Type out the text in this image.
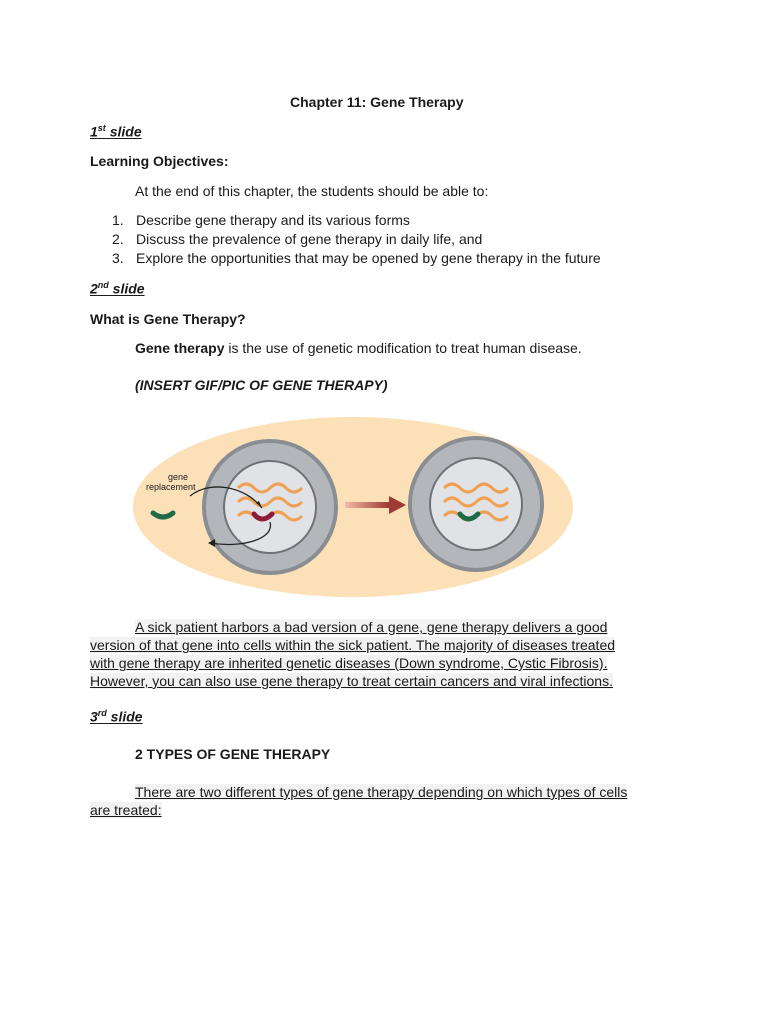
Chapter 11: Gene Therapy
1st slide
Learning Objectives:
At the end of this chapter, the students should be able to:
1. Describe gene therapy and its various forms
2. Discuss the prevalence of gene therapy in daily life, and
3. Explore the opportunities that may be opened by gene therapy in the future
2nd slide
What is Gene Therapy?
Gene therapy is the use of genetic modification to treat human disease.
(INSERT GIF/PIC OF GENE THERAPY)
gene
replacement
A sick patient harbors a bad version of a gene, gene therapy delivers a good
version of that gene into cells within the sick patient. The majority of diseases treated
with gene therapy are inherited genetic diseases (Down syndrome, Cystic Fibrosis).
However, you can also use gene therapy to treat certain cancers and viral infections.
3rd slide
2 TYPES OF GENE THERAPY
There are two different types of gene therapy depending on which types of cells
are treated:
